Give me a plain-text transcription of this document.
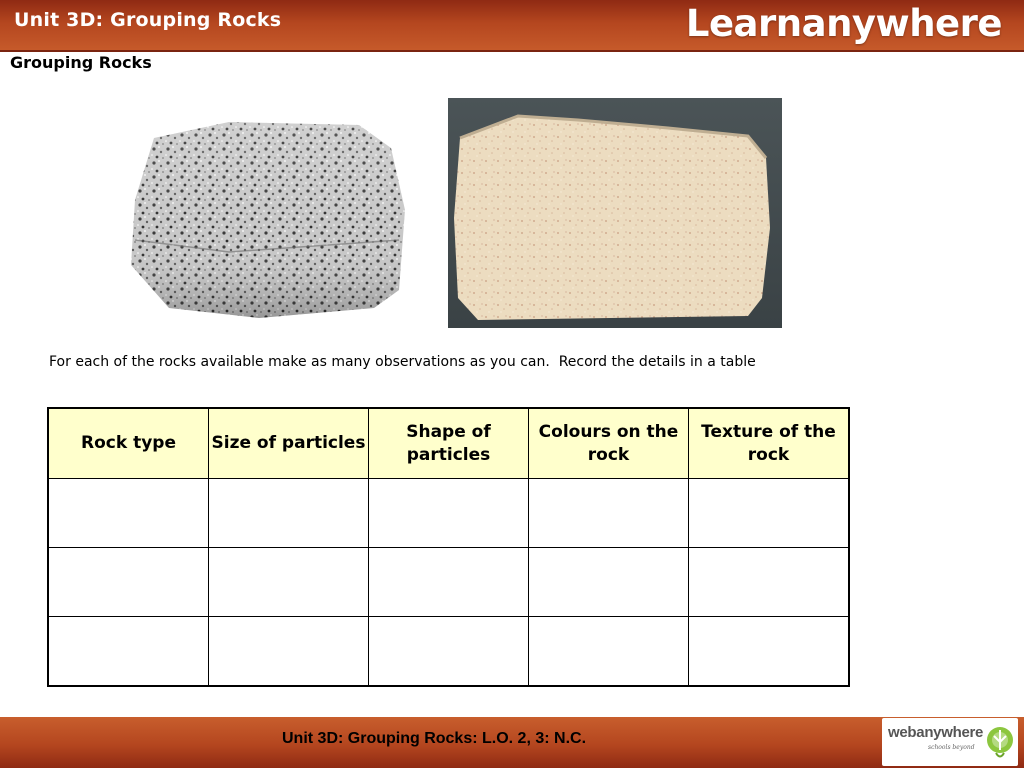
Unit 3D: Grouping Rocks	Learnanywhere
Grouping Rocks
For each of the rocks available make as many observations as you can.  Record the details in a table
Rock type	Size of particles	Shape of particles	Colours on the rock	Texture of the rock

Unit 3D: Grouping Rocks: L.O. 2, 3: N.C.	webanywhere
schools beyond
